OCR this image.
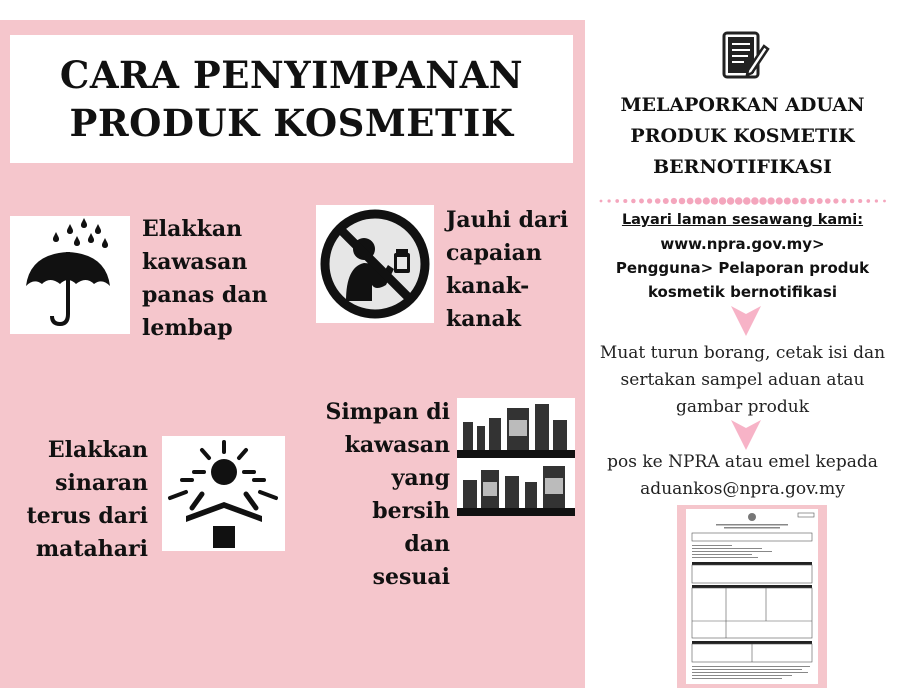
CARA PENYIMPANAN
PRODUK KOSMETIK
Elakkan
kawasan
panas dan
lembap
Jauhi dari
capaian
kanak-
kanak
Simpan di
kawasan
yang bersih
dan sesuai
Elakkan
sinaran
terus dari
matahari
MELAPORKAN ADUAN
PRODUK KOSMETIK
BERNOTIFIKASI
Layari laman sesawang kami:
www.npra.gov.my>
Pengguna> Pelaporan produk
kosmetik bernotifikasi
Muat turun borang, cetak isi dan
sertakan sampel aduan atau
gambar produk
pos ke NPRA atau emel kepada
aduankos@npra.gov.my
